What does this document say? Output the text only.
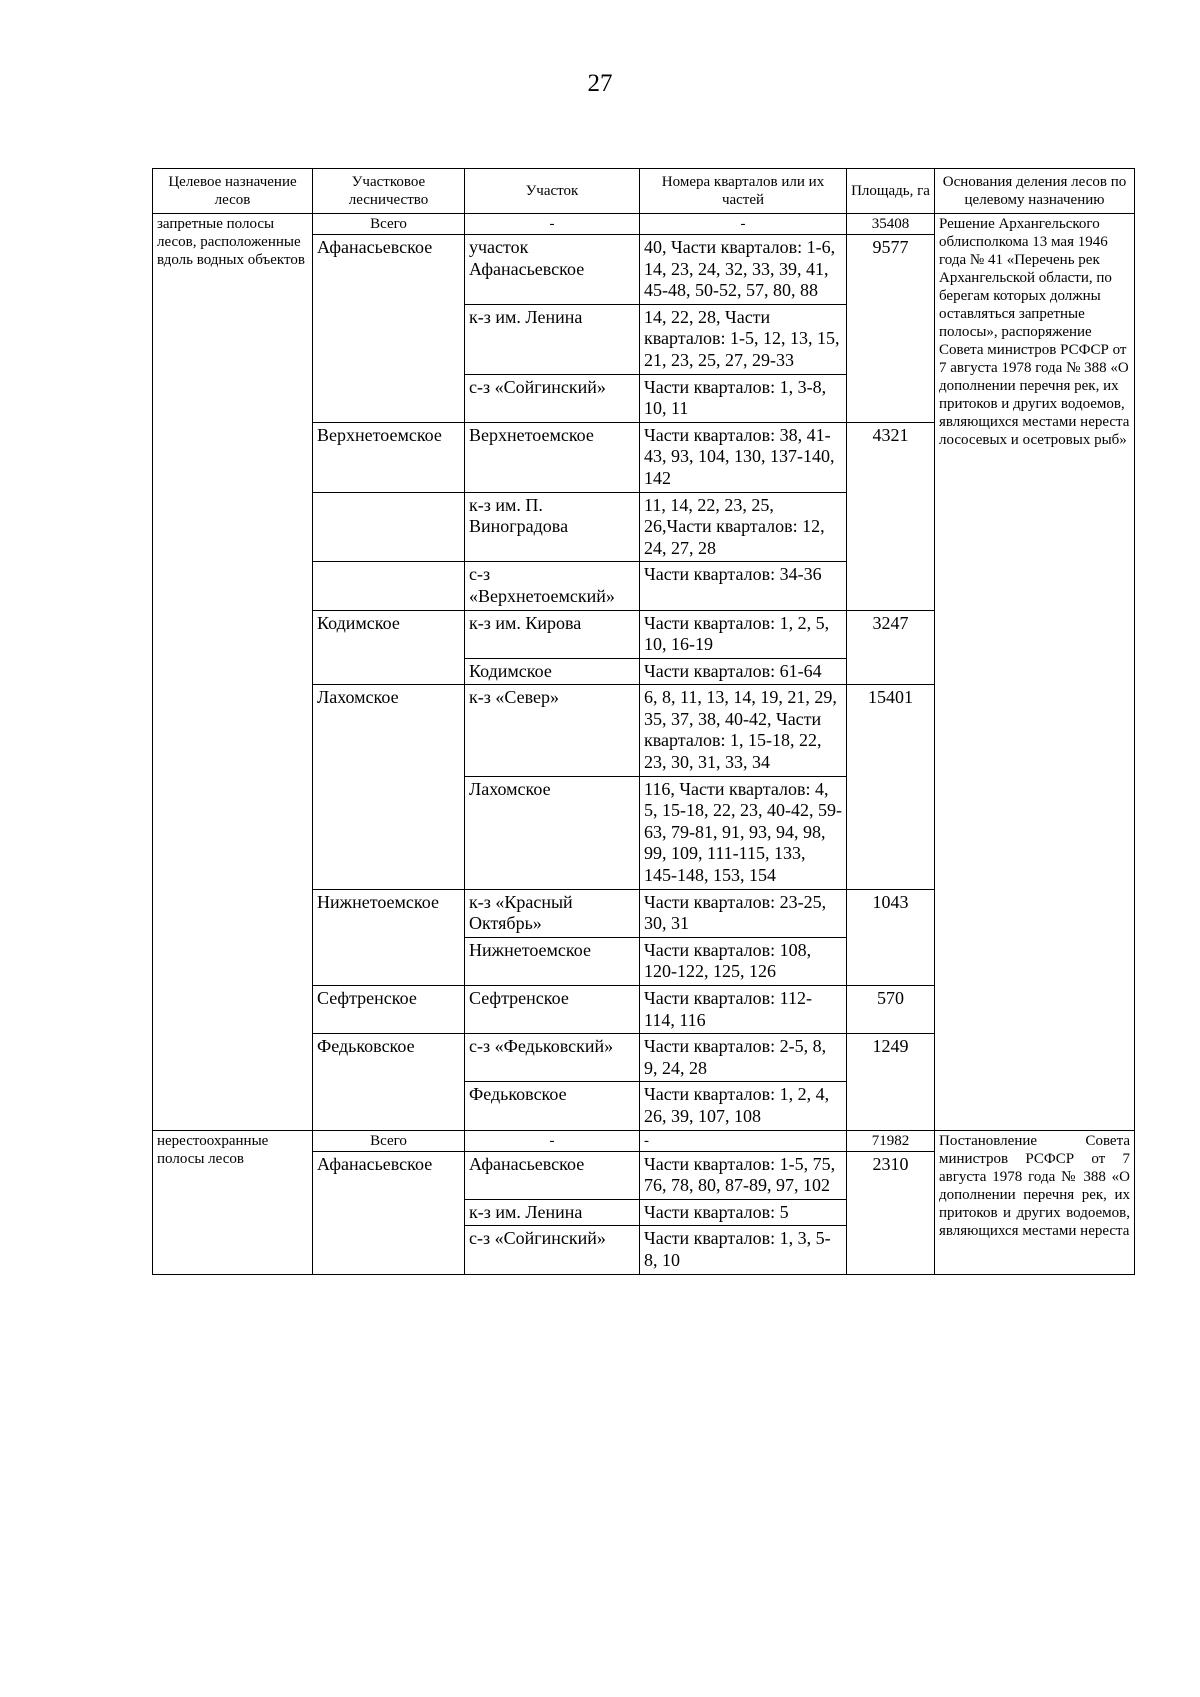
27
Целевое назначение лесов	Участковое лесничество	Участок	Номера кварталов или их частей	Площадь, га	Основания деления лесов по целевому назначению
запретные полосы лесов, расположенные вдоль водных объектов	Всего	-	-	35408	Решение Архангельского облисполкома 13 мая 1946 года № 41 «Перечень рек Архангельской области, по берегам которых должны оставляться запретные полосы», распоряжение Совета министров РСФСР от 7 августа 1978 года № 388 «О дополнении перечня рек, их притоков и других водоемов, являющихся местами нереста лососевых и осетровых рыб»
	Афанасьевское	участок Афанасьевское	40, Части кварталов: 1-6, 14, 23, 24, 32, 33, 39, 41, 45-48, 50-52, 57, 80, 88	9577	
		к-з им. Ленина	14, 22, 28, Части кварталов: 1-5, 12, 13, 15, 21, 23, 25, 27, 29-33		
		с-з «Сойгинский»	Части кварталов: 1, 3-8, 10, 11		
	Верхнетоемское	Верхнетоемское	Части кварталов: 38, 41-43, 93, 104, 130, 137-140, 142	4321	
		к-з им. П. Виноградова	11, 14, 22, 23, 25, 26,Части кварталов: 12, 24, 27, 28		
		с-з «Верхнетоемский»	Части кварталов: 34-36		
	Кодимское	к-з им. Кирова	Части кварталов: 1, 2, 5, 10, 16-19	3247	
		Кодимское	Части кварталов: 61-64		
	Лахомское	к-з «Север»	6, 8, 11, 13, 14, 19, 21, 29, 35, 37, 38, 40-42, Части кварталов: 1, 15-18, 22, 23, 30, 31, 33, 34	15401	
		Лахомское	116, Части кварталов: 4, 5, 15-18, 22, 23, 40-42, 59-63, 79-81, 91, 93, 94, 98, 99, 109, 111-115, 133, 145-148, 153, 154		
	Нижнетоемское	к-з «Красный Октябрь»	Части кварталов: 23-25, 30, 31	1043	
		Нижнетоемское	Части кварталов: 108, 120-122, 125, 126		
	Сефтренское	Сефтренское	Части кварталов: 112-114, 116	570	
	Федьковское	с-з «Федьковский»	Части кварталов: 2-5, 8, 9, 24, 28	1249	
		Федьковское	Части кварталов: 1, 2, 4, 26, 39, 107, 108		
нерестоохранные полосы лесов	Всего	-	-	71982	Постановление Совета министров РСФСР от 7 августа 1978 года № 388 «О дополнении перечня рек, их притоков и других водоемов, являющихся местами нереста
	Афанасьевское	Афанасьевское	Части кварталов: 1-5, 75, 76, 78, 80, 87-89, 97, 102	2310	
		к-з им. Ленина	Части кварталов: 5		
		с-з «Сойгинский»	Части кварталов: 1, 3, 5-8, 10		
